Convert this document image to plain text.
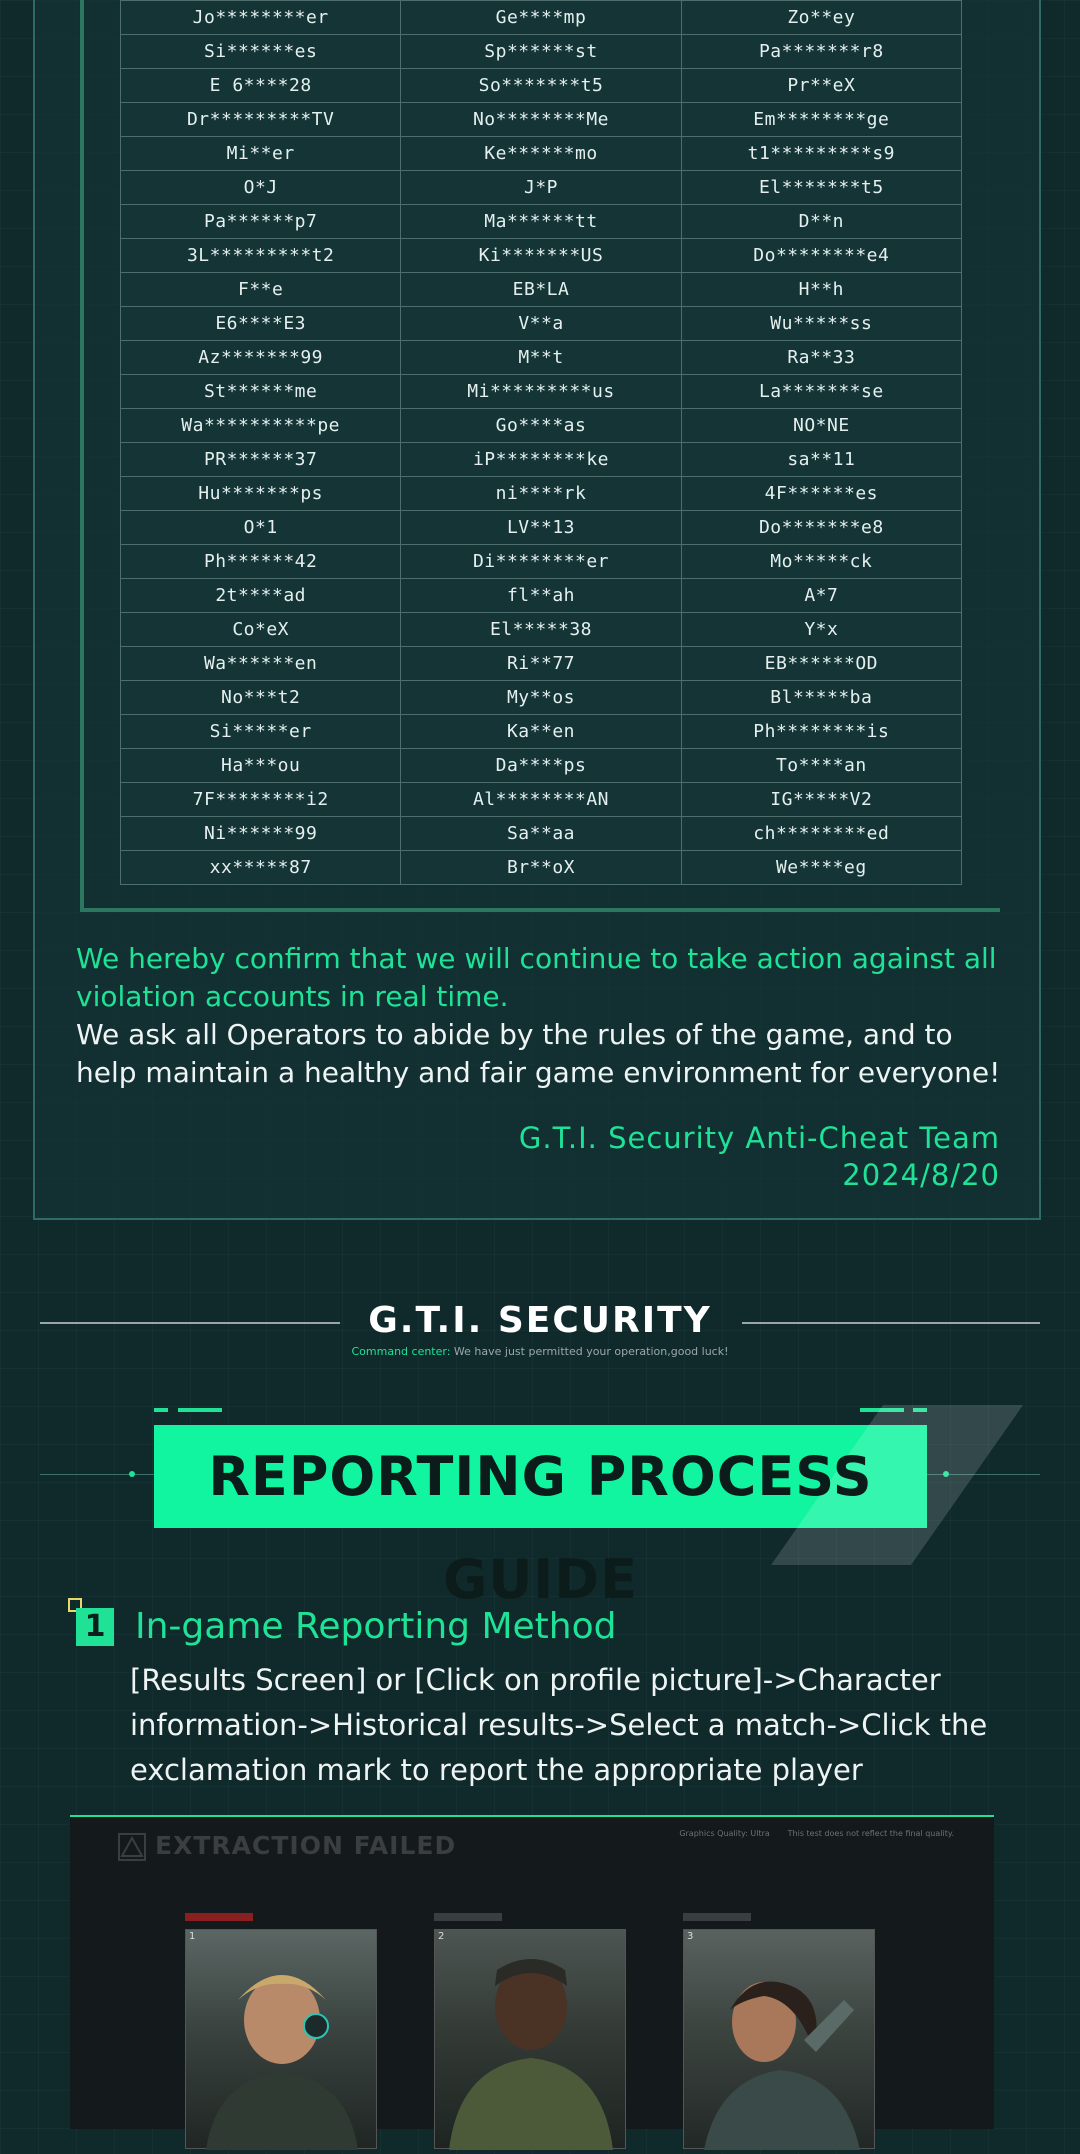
Jo********er	Ge****mp	Zo**ey
Si******es	Sp******st	Pa*******r8
E 6****28	So*******t5	Pr**eX
Dr*********TV	No********Me	Em********ge
Mi**er	Ke******mo	t1*********s9
O*J	J*P	El*******t5
Pa******p7	Ma******tt	D**n
3L*********t2	Ki*******US	Do********e4
F**e	EB*LA	H**h
E6****E3	V**a	Wu*****ss
Az*******99	M**t	Ra**33
St******me	Mi*********us	La*******se
Wa**********pe	Go****as	NO*NE
PR******37	iP********ke	sa**11
Hu*******ps	ni****rk	4F******es
O*1	LV**13	Do*******e8
Ph******42	Di********er	Mo*****ck
2t****ad	fl**ah	A*7
Co*eX	El*****38	Y*x
Wa******en	Ri**77	EB******OD
No***t2	My**os	Bl*****ba
Si*****er	Ka**en	Ph********is
Ha***ou	Da****ps	To****an
7F********i2	Al********AN	IG*****V2
Ni******99	Sa**aa	ch********ed
xx*****87	Br**oX	We****eg
We hereby confirm that we will continue to take action against all violation accounts in real time.
We ask all Operators to abide by the rules of the game, and to help maintain a healthy and fair game environment for everyone!
G.T.I. Security Anti-Cheat Team
2024/8/20
G.T.I. SECURITY
Command center: We have just permitted your operation,good luck!
REPORTING PROCESS GUIDE
1 In-game Reporting Method
[Results Screen] or [Click on profile picture]->Character information->Historical results->Select a match->Click the exclamation mark to report the appropriate player
EXTRACTION FAILED	Graphics Quality: Ultra This test does not reflect the final quality.
1	2	3
